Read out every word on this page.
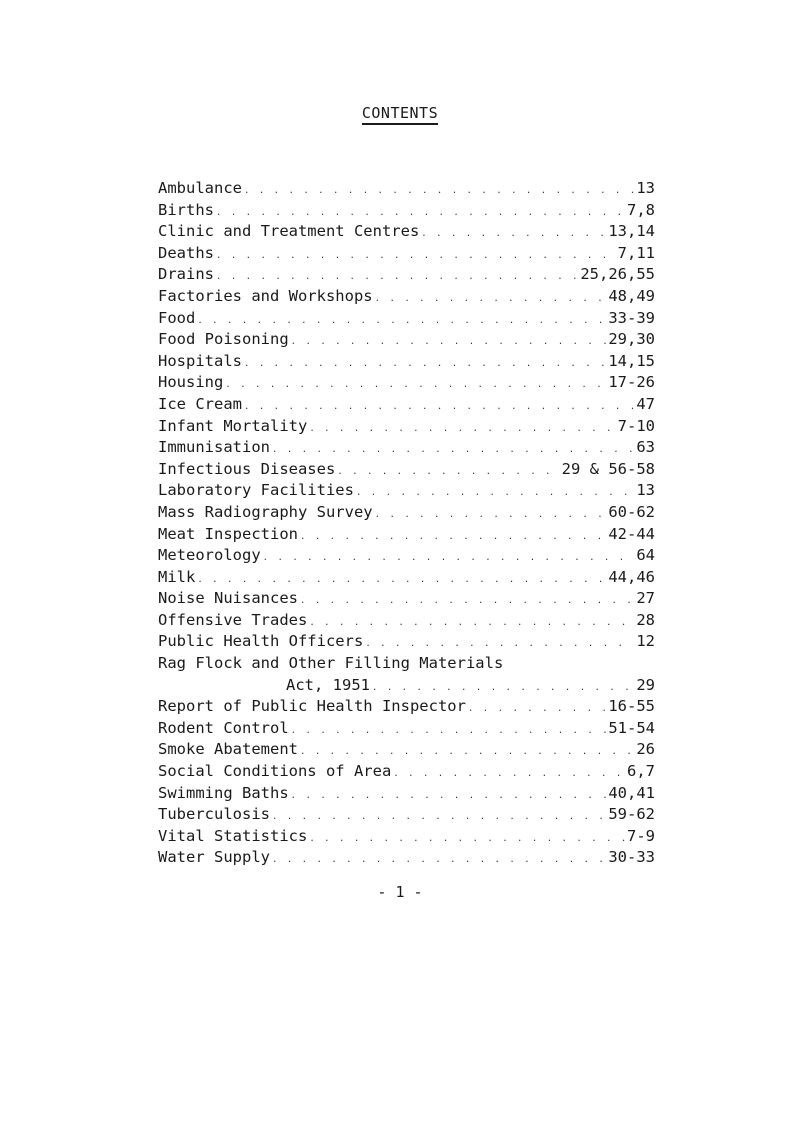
CONTENTS
Ambulance . . .	13
Births . . .	7,8
Clinic and Treatment Centres . . .	13,14
Deaths . . .	7,11
Drains . . .	25,26,55
Factories and Workshops . . .	48,49
Food . . .	33-39
Food Poisoning . . .	29,30
Hospitals . . .	14,15
Housing . . .	17-26
Ice Cream . . .	47
Infant Mortality . . .	7-10
Immunisation . . .	63
Infectious Diseases . . .	29 & 56-58
Laboratory Facilities . . .	13
Mass Radiography Survey . . .	60-62
Meat Inspection . . .	42-44
Meteorology . . .	64
Milk . . .	44,46
Noise Nuisances . . .	27
Offensive Trades . . .	28
Public Health Officers . . .	12
Rag Flock and Other Filling Materials
Act, 1951 . . .	29
Report of Public Health Inspector . . .	16-55
Rodent Control . . .	51-54
Smoke Abatement . . .	26
Social Conditions of Area . . .	6,7
Swimming Baths . . .	40,41
Tuberculosis . . .	59-62
Vital Statistics . . .	7-9
Water Supply . . .	30-33
- 1 -
